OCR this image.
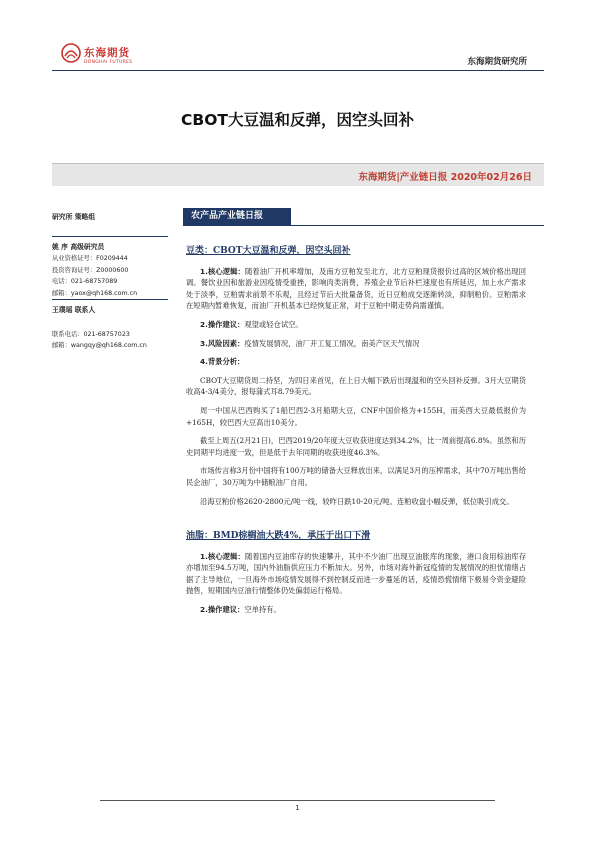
东海期货
DONGHAI FUTURES	东海期货研究所
CBOT大豆温和反弹，因空头回补
东海期货|产业链日报 2020年02月26日
研究所 策略组
姚 序 高级研究员
从业资格证号：F0209444
投资咨询证号：Z0000600
电话：021-68757089
邮箱：yaox@qh168.com.cn
王璞瑶 联系人
联系电话：021-68757023
邮箱：wangqy@qh168.com.cn
农产品产业链日报
豆类：CBOT大豆温和反弹，因空头回补
1.核心逻辑：随着油厂开机率增加，及南方豆粕发至北方，北方豆粕现货报价过高的区域价格出现回调。餐饮业因和旅游业因疫情受重挫，影响肉类消费，养殖企业节后补栏速度也有所延迟，加上水产需求处于淡季，豆粕需求前景不乐观，且经过节后大批量备货，近日豆粕成交逐渐转淡，抑制粕价。豆粕需求在短期内暂难恢复，而油厂开机基本已经恢复正常，对于豆粕中期走势尚需谨慎。
2.操作建议：观望或轻仓试空。
3.风险因素：疫情发展情况，油厂开工复工情况，南美产区天气情况
4.背景分析：
CBOT大豆期货周二持坚，为四日来首见，在上日大幅下跌后出现温和的空头回补反弹。3月大豆期货收高4-3/4美分，报每蒲式耳8.79美元。
周一中国从巴西购买了1船巴西2-3月船期大豆，CNF中国价格为+155H，而美西大豆最低报价为+165H，较巴西大豆高出10美分。
截至上周五(2月21日)，巴西2019/20年度大豆收获进度达到34.2%，比一周前提高6.8%。虽然和历史同期平均进度一致，但是低于去年同期的收获进度46.3%。
市场传言称3月份中国将有100万吨的储备大豆释放出来，以满足3月的压榨需求，其中70万吨出售给民企油厂，30万吨为中储粮油厂自用。
沿海豆粕价格2620-2800元/吨一线，较昨日跌10-20元/吨。连粕收盘小幅反弹，低位吸引成交。
油脂：BMD棕榈油大跌4%，承压于出口下滑
1.核心逻辑：随着国内豆油库存的快速攀升，其中不少油厂出现豆油胀库的现象，港口食用棕油库存亦增加至94.5万吨，国内外油脂供应压力不断加大。另外，市场对海外新冠疫情的发展情况的担忧情绪占据了主导地位，一旦海外市场疫情发展得不到控制反而进一步蔓延的话，疫情恐慌情绪下极易令资金避险抛售，短期国内豆油行情整体仍处偏弱运行格局。
2.操作建议：空单持有。
1
